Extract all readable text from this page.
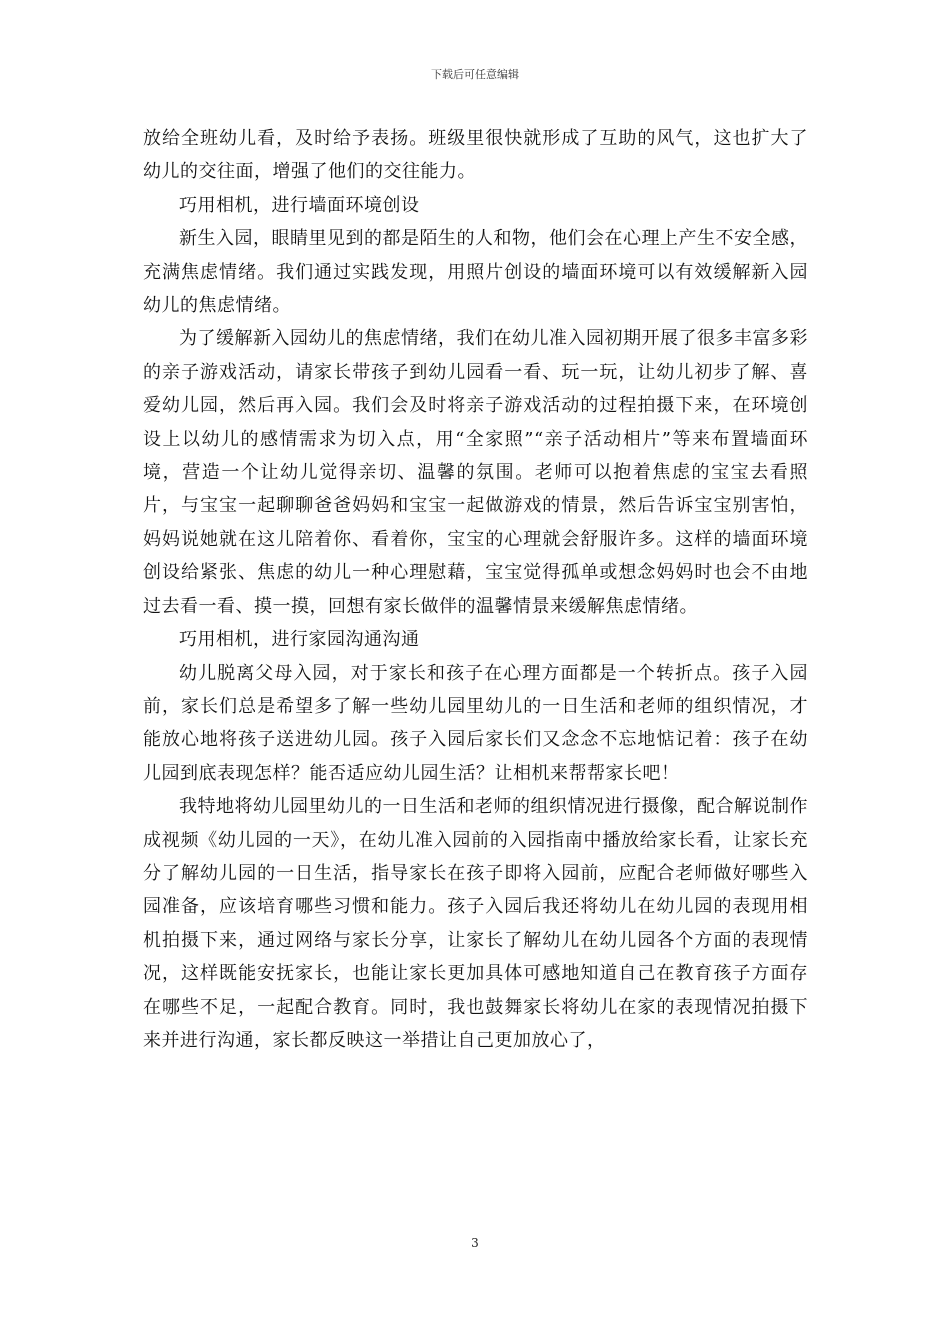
下载后可任意编辑

放给全班幼儿看，及时给予表扬。班级里很快就形成了互助的风气，这也扩大了幼儿的交往面，增强了他们的交往能力。

巧用相机，进行墙面环境创设

新生入园，眼睛里见到的都是陌生的人和物，他们会在心理上产生不安全感，充满焦虑情绪。我们通过实践发现，用照片创设的墙面环境可以有效缓解新入园幼儿的焦虑情绪。

为了缓解新入园幼儿的焦虑情绪，我们在幼儿准入园初期开展了很多丰富多彩的亲子游戏活动，请家长带孩子到幼儿园看一看、玩一玩，让幼儿初步了解、喜爱幼儿园，然后再入园。我们会及时将亲子游戏活动的过程拍摄下来，在环境创设上以幼儿的感情需求为切入点，用“全家照”“亲子活动相片”等来布置墙面环境，营造一个让幼儿觉得亲切、温馨的氛围。老师可以抱着焦虑的宝宝去看照片，与宝宝一起聊聊爸爸妈妈和宝宝一起做游戏的情景，然后告诉宝宝别害怕，妈妈说她就在这儿陪着你、看着你，宝宝的心理就会舒服许多。这样的墙面环境创设给紧张、焦虑的幼儿一种心理慰藉，宝宝觉得孤单或想念妈妈时也会不由地过去看一看、摸一摸，回想有家长做伴的温馨情景来缓解焦虑情绪。

巧用相机，进行家园沟通沟通

幼儿脱离父母入园，对于家长和孩子在心理方面都是一个转折点。孩子入园前，家长们总是希望多了解一些幼儿园里幼儿的一日生活和老师的组织情况，才能放心地将孩子送进幼儿园。孩子入园后家长们又念念不忘地惦记着：孩子在幼儿园到底表现怎样？能否适应幼儿园生活？让相机来帮帮家长吧！

我特地将幼儿园里幼儿的一日生活和老师的组织情况进行摄像，配合解说制作成视频《幼儿园的一天》，在幼儿准入园前的入园指南中播放给家长看，让家长充分了解幼儿园的一日生活，指导家长在孩子即将入园前，应配合老师做好哪些入园准备，应该培育哪些习惯和能力。孩子入园后我还将幼儿在幼儿园的表现用相机拍摄下来，通过网络与家长分享，让家长了解幼儿在幼儿园各个方面的表现情况，这样既能安抚家长，也能让家长更加具体可感地知道自己在教育孩子方面存在哪些不足，一起配合教育。同时，我也鼓舞家长将幼儿在家的表现情况拍摄下来并进行沟通，家长都反映这一举措让自己更加放心了，

3
